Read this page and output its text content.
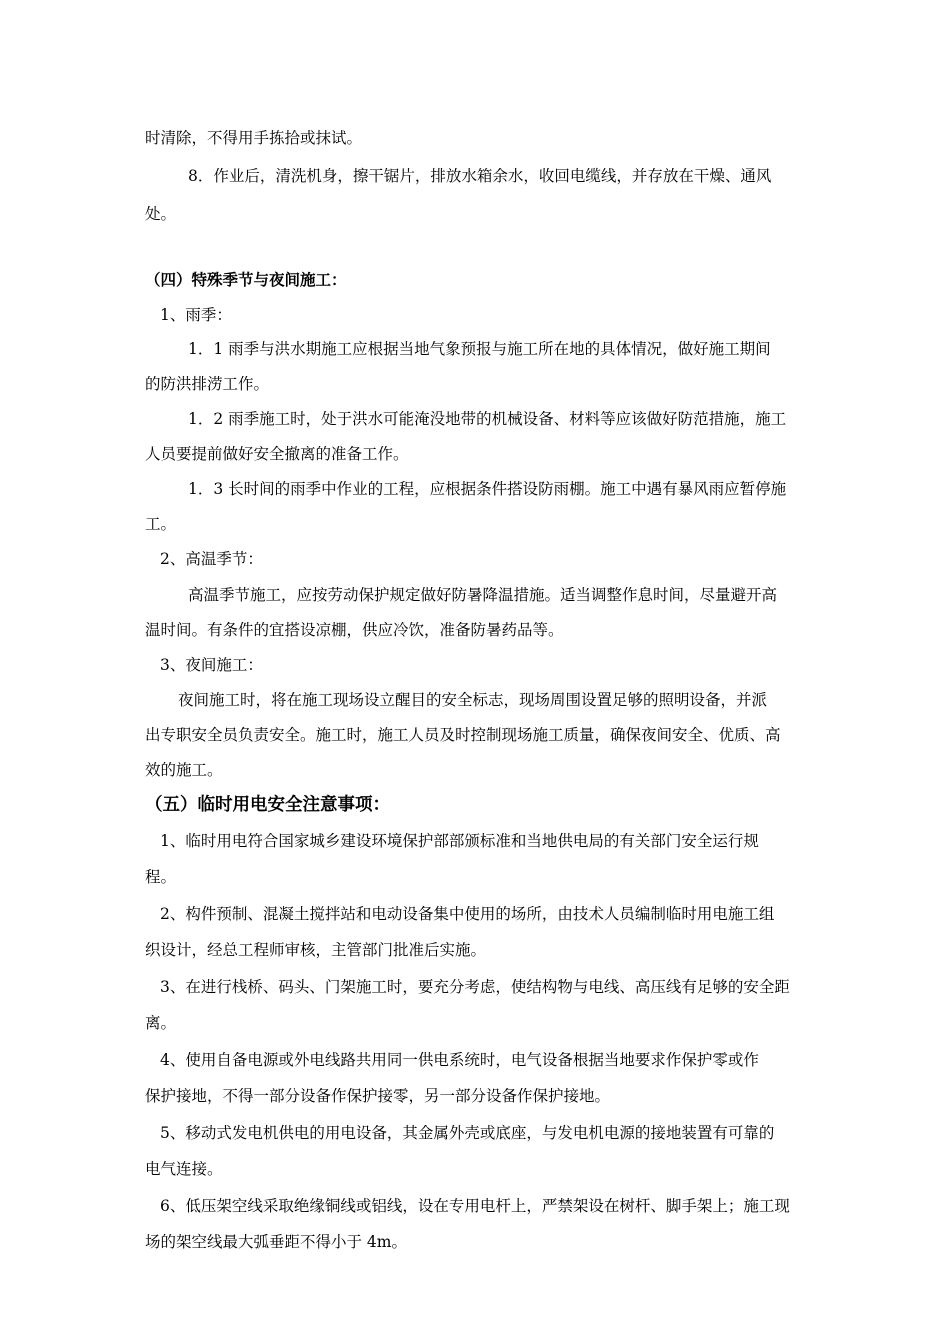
时清除，不得用手拣拾或抹试。
8．作业后，清洗机身，擦干锯片，排放水箱余水，收回电缆线，并存放在干燥、通风
处。
（四）特殊季节与夜间施工：
1、雨季：
1．1 雨季与洪水期施工应根据当地气象预报与施工所在地的具体情况，做好施工期间
的防洪排涝工作。
1．2 雨季施工时，处于洪水可能淹没地带的机械设备、材料等应该做好防范措施，施工
人员要提前做好安全撤离的准备工作。
1．3 长时间的雨季中作业的工程，应根据条件搭设防雨棚。施工中遇有暴风雨应暂停施
工。
2、高温季节：
高温季节施工，应按劳动保护规定做好防暑降温措施。适当调整作息时间，尽量避开高
温时间。有条件的宜搭设凉棚，供应冷饮，准备防暑药品等。
3、夜间施工：
夜间施工时，将在施工现场设立醒目的安全标志，现场周围设置足够的照明设备，并派
出专职安全员负责安全。施工时，施工人员及时控制现场施工质量，确保夜间安全、优质、高
效的施工。
（五）临时用电安全注意事项：
1、临时用电符合国家城乡建设环境保护部部颁标准和当地供电局的有关部门安全运行规
程。
2、构件预制、混凝土搅拌站和电动设备集中使用的场所，由技术人员编制临时用电施工组
织设计，经总工程师审核，主管部门批准后实施。
3、在进行栈桥、码头、门架施工时，要充分考虑，使结构物与电线、高压线有足够的安全距
离。
4、使用自备电源或外电线路共用同一供电系统时，电气设备根据当地要求作保护零或作
保护接地，不得一部分设备作保护接零，另一部分设备作保护接地。
5、移动式发电机供电的用电设备，其金属外壳或底座，与发电机电源的接地装置有可靠的
电气连接。
6、低压架空线采取绝缘铜线或铝线，设在专用电杆上，严禁架设在树杆、脚手架上；施工现
场的架空线最大弧垂距不得小于 4m。
